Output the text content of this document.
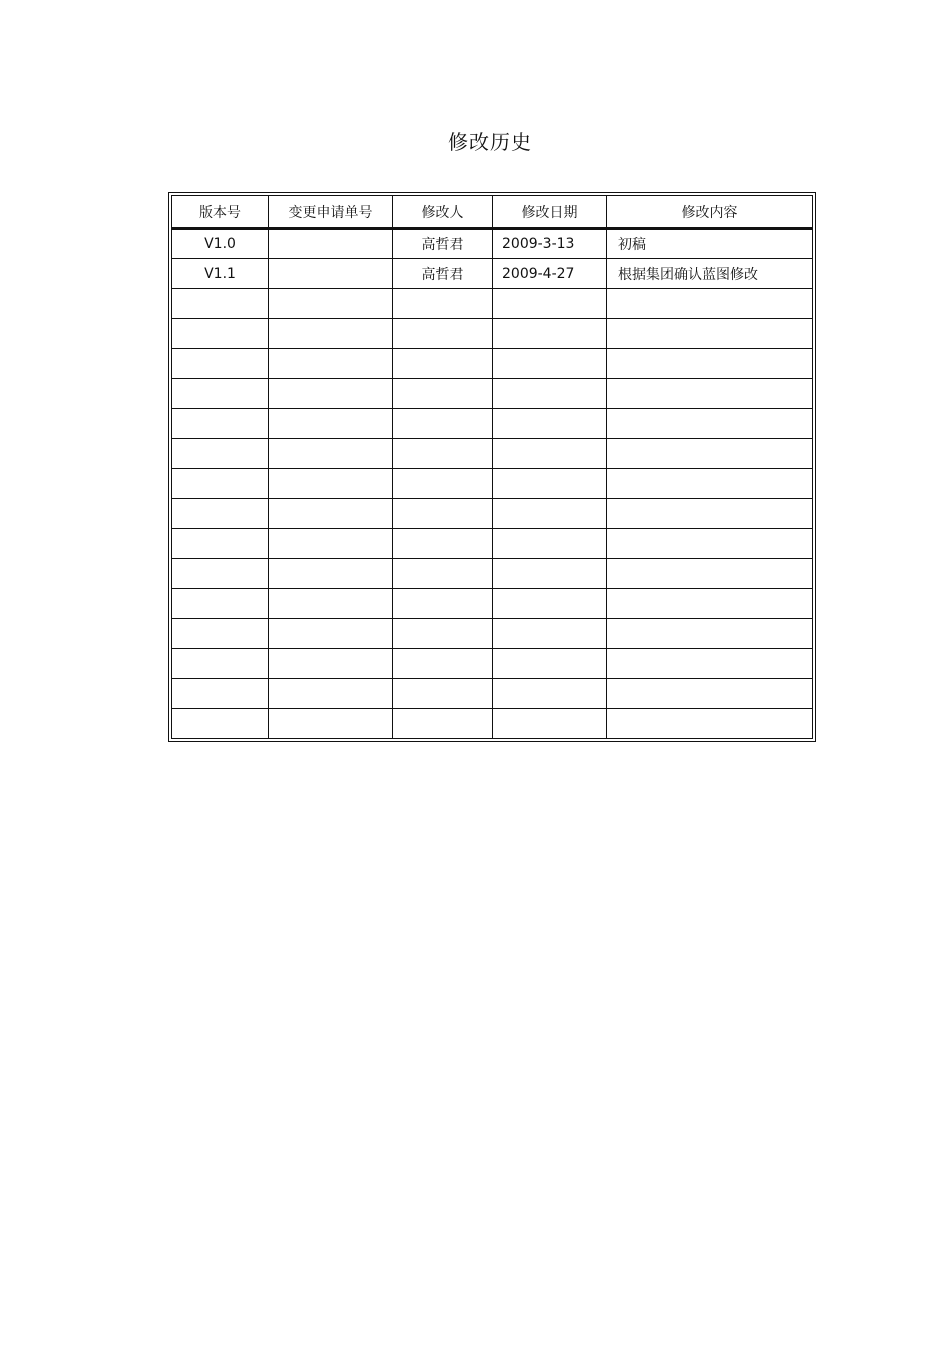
修改历史
版本号	变更申请单号	修改人	修改日期	修改内容
V1.0		高哲君	2009-3-13	初稿
V1.1		高哲君	2009-4-27	根据集团确认蓝图修改
